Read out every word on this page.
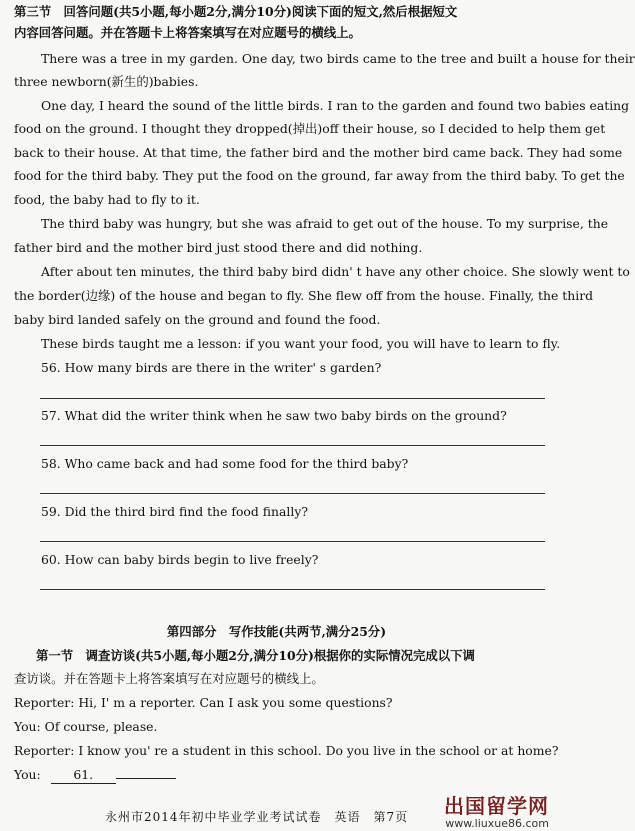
第三节　回答问题(共5小题,每小题2分,满分10分)阅读下面的短文,然后根据短文
内容回答问题。并在答题卡上将答案填写在对应题号的横线上。
There was a tree in my garden. One day, two birds came to the tree and built a house for their
three newborn(新生的)babies.
One day, I heard the sound of the little birds. I ran to the garden and found two babies eating
food on the ground. I thought they dropped(掉出)off their house, so I decided to help them get
back to their house. At that time, the father bird and the mother bird came back. They had some
food for the third baby. They put the food on the ground, far away from the third baby. To get the
food, the baby had to fly to it.
The third baby was hungry, but she was afraid to get out of the house. To my surprise, the
father bird and the mother bird just stood there and did nothing.
After about ten minutes, the third baby bird didn' t have any other choice. She slowly went to
the border(边缘) of the house and began to fly. She flew off from the house. Finally, the third
baby bird landed safely on the ground and found the food.
These birds taught me a lesson: if you want your food, you will have to learn to fly.
56. How many birds are there in the writer' s garden?
57. What did the writer think when he saw two baby birds on the ground?
58. Who came back and had some food for the third baby?
59. Did the third bird find the food finally?
60. How can baby birds begin to live freely?
第四部分　写作技能(共两节,满分25分)
第一节　调查访谈(共5小题,每小题2分,满分10分)根据你的实际情况完成以下调
查访谈。并在答题卡上将答案填写在对应题号的横线上。
Reporter: Hi, I' m a reporter. Can I ask you some questions?
You: Of course, please.
Reporter: I know you' re a student in this school. Do you live in the school or at home?
You:	61.
永州市2014年初中毕业学业考试试卷　英语　第7页 出国留学网
www.liuxue86.com
